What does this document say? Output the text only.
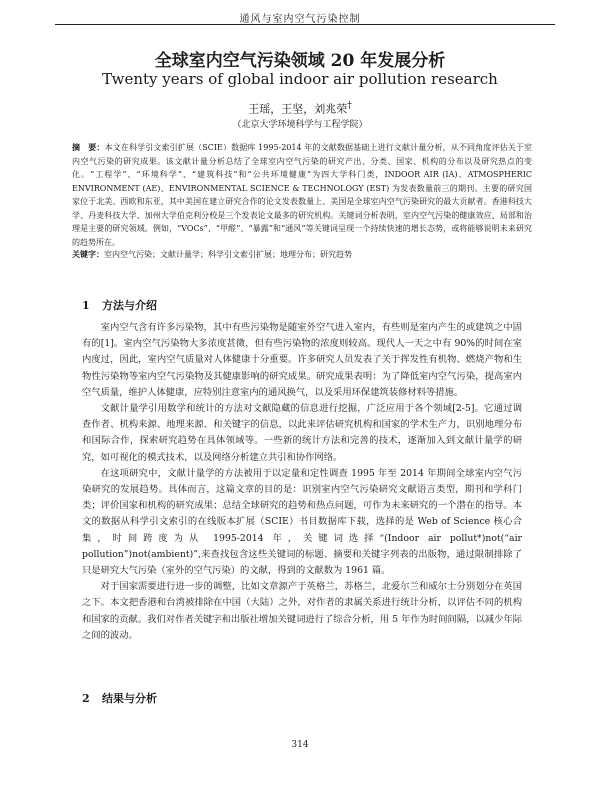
通风与室内空气污染控制
全球室内空气污染领域 20 年发展分析
Twenty years of global indoor air pollution research
王瑶，王坚，刘兆荣†
（北京大学环境科学与工程学院）
摘　要：本文在科学引文索引扩展（SCIE）数据库 1995-2014 年的文献数据基础上进行文献计量分析，从不同角度评估关于室内空气污染的研究成果。该文献计量分析总结了全球室内空气污染的研究产出、分类、国家、机构的分布以及研究热点的变化。“工程学”、“环境科学”、“建筑科技”和“公共环境健康”为四大学科门类，INDOOR AIR (IA)、ATMOSPHERIC ENVIRONMENT (AE)、ENVIRONMENTAL SCIENCE & TECHNOLOGY (EST) 为发表数量前三的期刊。主要的研究国家位于北美、西欧和东亚，其中美国在建立研究合作的论文发表数量上、美国是全球室内空气污染研究的最大贡献者。香港科技大学、丹麦科技大学、加州大学伯克利分校是三个发表论文最多的研究机构。关键词分析表明，室内空气污染的健康效应、局部和治理是主要的研究领域。例如，“VOCs”、“甲醛”、“暴露”和“通风”等关键词呈现一个持续快速的增长态势，或将能够说明未来研究的趋势所在。
关键字：室内空气污染；文献计量学；科学引文索引扩展；地理分布；研究趋势
1 方法与介绍

室内空气含有许多污染物，其中有些污染物是随室外空气进入室内，有些则是室内产生的或建筑之中固有的[1]。室内空气污染物大多浓度甚微，但有些污染物的浓度则较高。现代人一天之中有 90%的时间在室内度过，因此，室内空气质量对人体健康十分重要。许多研究人员发表了关于挥发性有机物、燃烧产物和生物性污染物等室内空气污染物及其健康影响的研究成果。研究成果表明：为了降低室内空气污染，提高室内空气质量，维护人体健康，应特别注意室内的通风换气，以及采用环保建筑装修材料等措施。

文献计量学引用数学和统计的方法对文献隐藏的信息进行挖掘，广泛应用于各个领域[2-5]。它通过调查作者、机构来源、地理来源、和关键字的信息，以此来评估研究机构和国家的学术生产力，识别地理分布和国际合作，探索研究趋势在具体领域等。一些新的统计方法和完善的技术，逐渐加入到文献计量学的研究，如可视化的模式技术，以及网络分析建立共引和协作网络。

在这项研究中，文献计量学的方法被用于以定量和定性调查 1995 年至 2014 年期间全球室内空气污染研究的发展趋势。具体而言，这篇文章的目的是：识别室内空气污染研究文献语言类型，期刊和学科门类；评价国家和机构的研究成果；总结全球研究的趋势和热点问题，可作为未来研究的一个潜在的指导。本文的数据从科学引文索引的在线版本扩展（SCIE）书目数据库下载，选择的是 Web of Science 核心合集，时间跨度为从 1995-2014 年，关键词选择“(Indoor air pollut*)not(“air pollution”)not(ambient)”,来查找包含这些关键词的标题、摘要和关键字列表的出版物，通过限制排除了只是研究大气污染（室外的空气污染）的文献，得到的文献数为 1961 篇。

对于国家需要进行进一步的调整，比如文章源产于英格兰，苏格兰，北爱尔兰和威尔士分别划分在英国之下。本文把香港和台湾被排除在中国（大陆）之外，对作者的隶属关系进行统计分析，以评估不同的机构和国家的贡献。我们对作者关键字和出版社增加关键词进行了综合分析，用 5 年作为时间间隔，以减少年际之间的波动。

2 结果与分析
314
